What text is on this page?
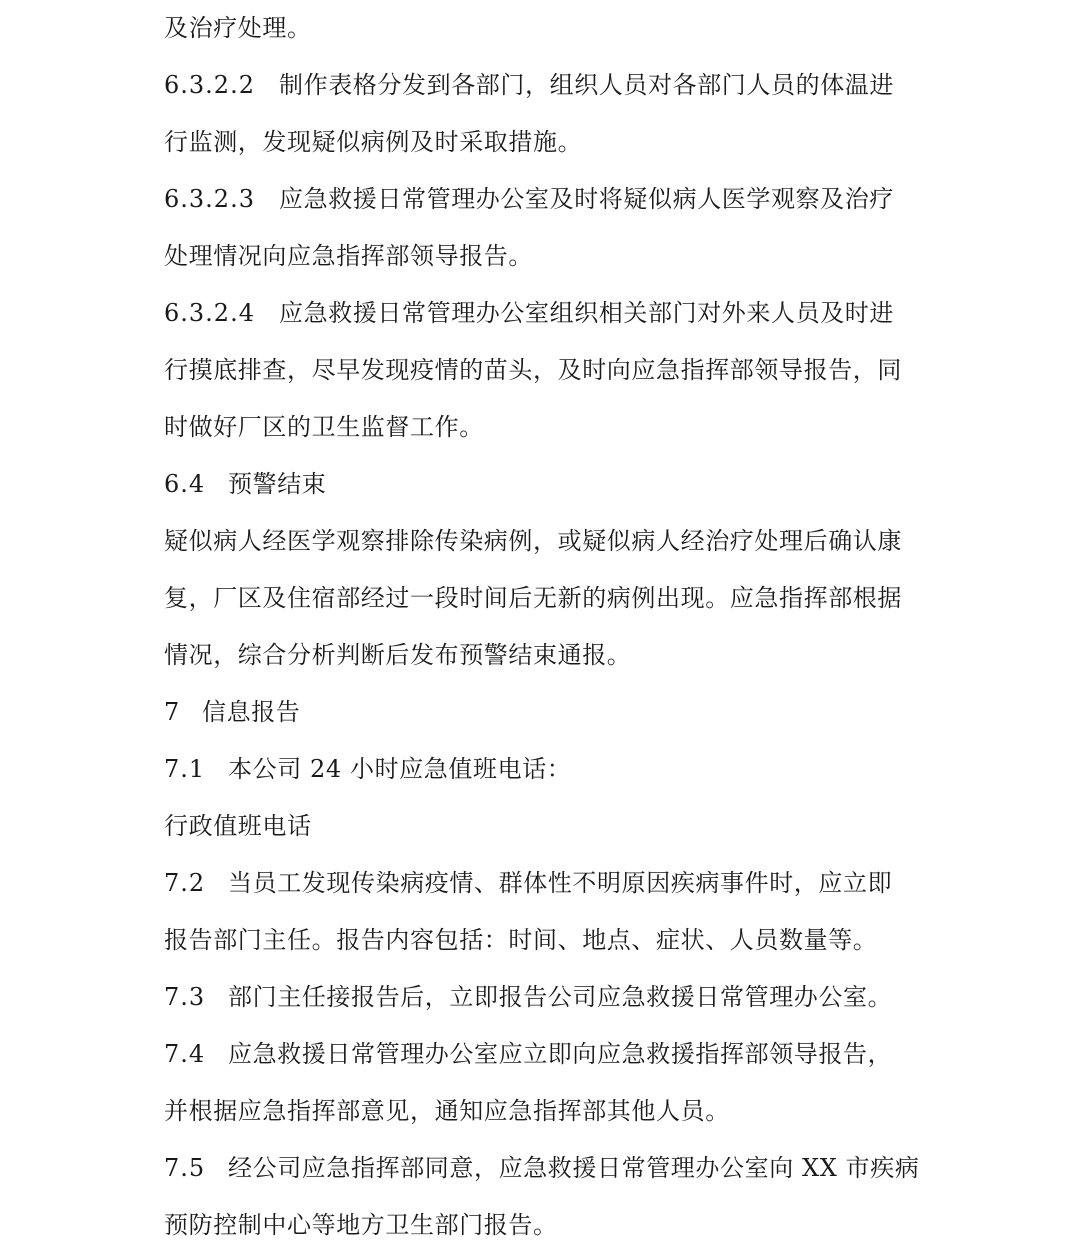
及治疗处理。
6.3.2.2 制作表格分发到各部门，组织人员对各部门人员的体温进
行监测，发现疑似病例及时采取措施。
6.3.2.3 应急救援日常管理办公室及时将疑似病人医学观察及治疗
处理情况向应急指挥部领导报告。
6.3.2.4 应急救援日常管理办公室组织相关部门对外来人员及时进
行摸底排查，尽早发现疫情的苗头，及时向应急指挥部领导报告，同
时做好厂区的卫生监督工作。
6.4 预警结束
疑似病人经医学观察排除传染病例，或疑似病人经治疗处理后确认康
复，厂区及住宿部经过一段时间后无新的病例出现。应急指挥部根据
情况，综合分析判断后发布预警结束通报。
7 信息报告
7.1 本公司 24 小时应急值班电话：
行政值班电话
7.2 当员工发现传染病疫情、群体性不明原因疾病事件时，应立即
报告部门主任。报告内容包括：时间、地点、症状、人员数量等。
7.3 部门主任接报告后，立即报告公司应急救援日常管理办公室。
7.4 应急救援日常管理办公室应立即向应急救援指挥部领导报告，
并根据应急指挥部意见，通知应急指挥部其他人员。
7.5 经公司应急指挥部同意，应急救援日常管理办公室向 XX 市疾病
预防控制中心等地方卫生部门报告。
